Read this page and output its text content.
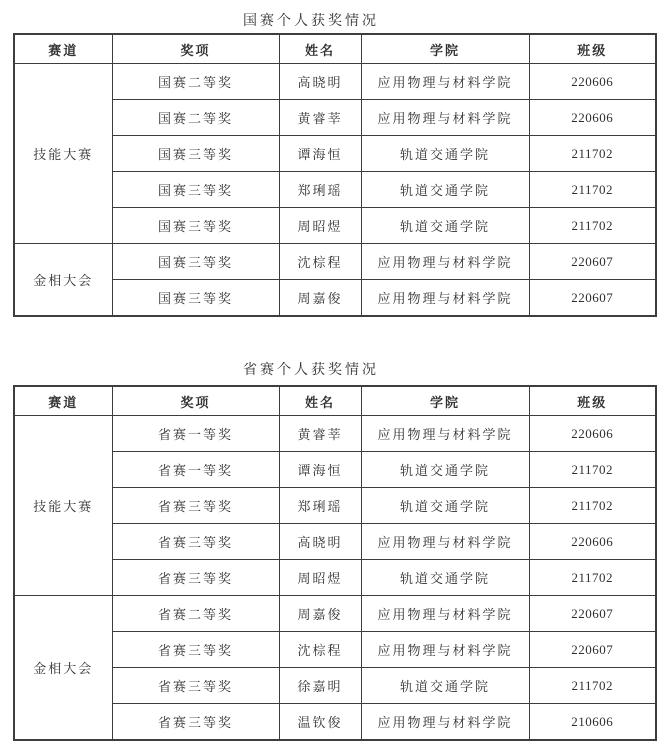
国赛个人获奖情况
赛道	奖项	姓名	学院	班级
技能大赛	国赛二等奖	高晓明	应用物理与材料学院	220606
	国赛二等奖	黄睿莘	应用物理与材料学院	220606
	国赛三等奖	谭海恒	轨道交通学院	211702
	国赛三等奖	郑琍瑶	轨道交通学院	211702
	国赛三等奖	周昭煜	轨道交通学院	211702
金相大会	国赛三等奖	沈棕程	应用物理与材料学院	220607
	国赛三等奖	周嘉俊	应用物理与材料学院	220607
省赛个人获奖情况
赛道	奖项	姓名	学院	班级
技能大赛	省赛一等奖	黄睿莘	应用物理与材料学院	220606
	省赛一等奖	谭海恒	轨道交通学院	211702
	省赛三等奖	郑琍瑶	轨道交通学院	211702
	省赛三等奖	高晓明	应用物理与材料学院	220606
	省赛三等奖	周昭煜	轨道交通学院	211702
金相大会	省赛二等奖	周嘉俊	应用物理与材料学院	220607
	省赛三等奖	沈棕程	应用物理与材料学院	220607
	省赛三等奖	徐嘉明	轨道交通学院	211702
	省赛三等奖	温钦俊	应用物理与材料学院	210606
